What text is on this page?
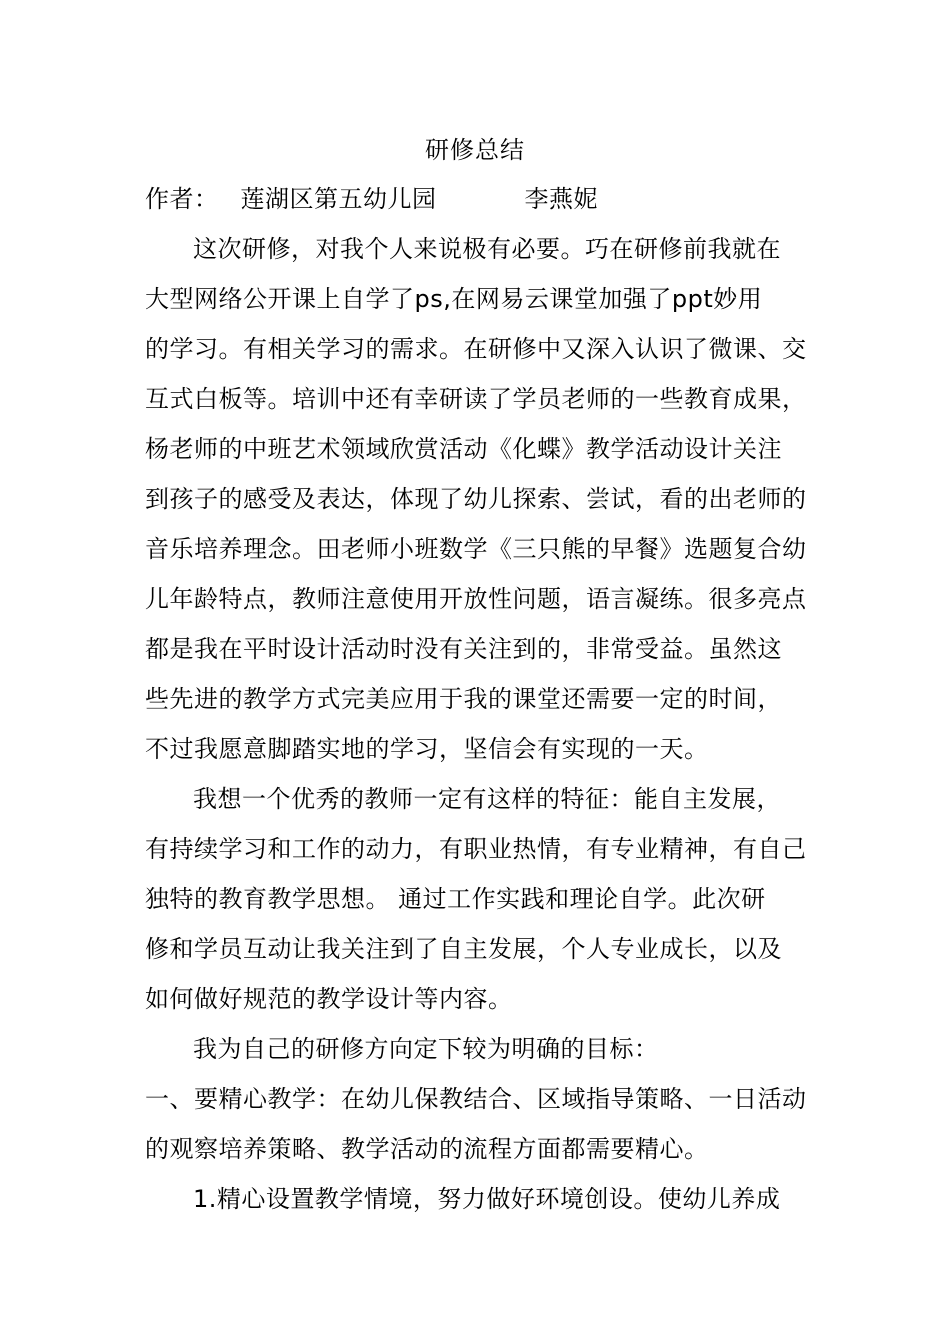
研修总结
作者： 莲湖区第五幼儿园	李燕妮
这次研修，对我个人来说极有必要。巧在研修前我就在
大型网络公开课上自学了ps,在网易云课堂加强了ppt妙用
的学习。有相关学习的需求。在研修中又深入认识了微课、交
互式白板等。培训中还有幸研读了学员老师的一些教育成果，
杨老师的中班艺术领域欣赏活动《化蝶》教学活动设计关注
到孩子的感受及表达，体现了幼儿探索、尝试，看的出老师的
音乐培养理念。田老师小班数学《三只熊的早餐》选题复合幼
儿年龄特点，教师注意使用开放性问题，语言凝练。很多亮点
都是我在平时设计活动时没有关注到的，非常受益。虽然这
些先进的教学方式完美应用于我的课堂还需要一定的时间，
不过我愿意脚踏实地的学习，坚信会有实现的一天。
我想一个优秀的教师一定有这样的特征：能自主发展，
有持续学习和工作的动力，有职业热情，有专业精神，有自己
独特的教育教学思想。 通过工作实践和理论自学。此次研
修和学员互动让我关注到了自主发展，个人专业成长，以及
如何做好规范的教学设计等内容。
我为自己的研修方向定下较为明确的目标：
一、要精心教学：在幼儿保教结合、区域指导策略、一日活动
的观察培养策略、教学活动的流程方面都需要精心。
1.精心设置教学情境，努力做好环境创设。使幼儿养成
